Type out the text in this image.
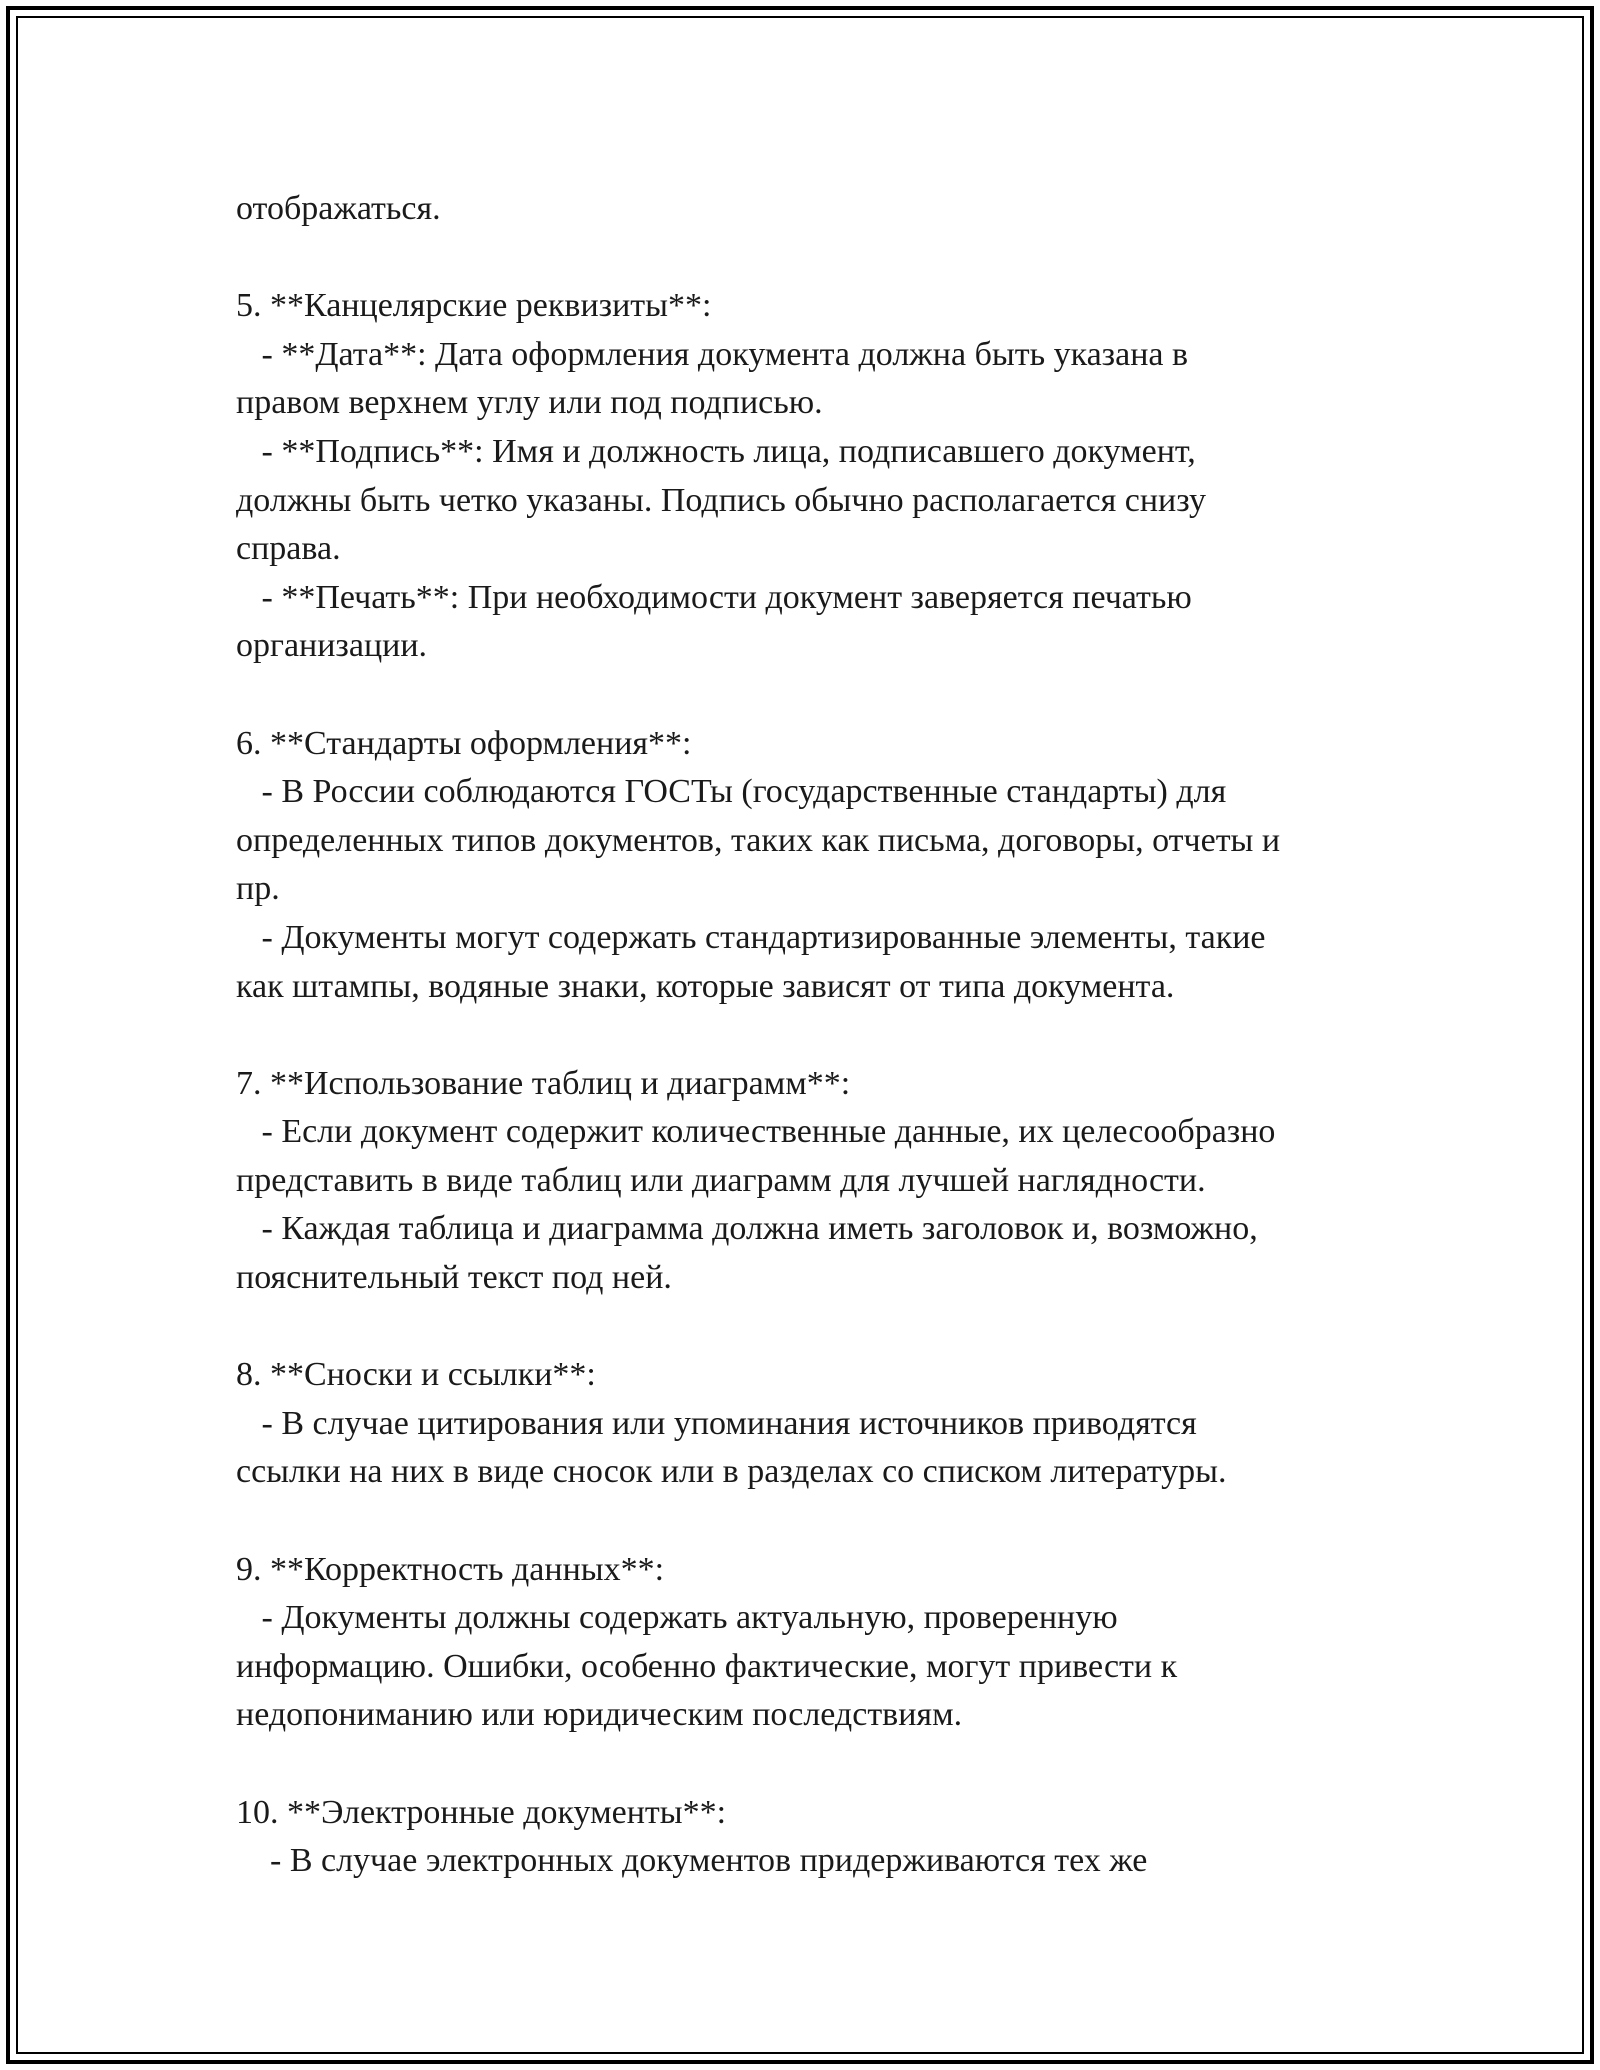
отображаться.
5. **Канцелярские реквизиты**:
- **Дата**: Дата оформления документа должна быть указана в
правом верхнем углу или под подписью.
- **Подпись**: Имя и должность лица, подписавшего документ,
должны быть четко указаны. Подпись обычно располагается снизу
справа.
- **Печать**: При необходимости документ заверяется печатью
организации.
6. **Стандарты оформления**:
- В России соблюдаются ГОСТы (государственные стандарты) для
определенных типов документов, таких как письма, договоры, отчеты и
пр.
- Документы могут содержать стандартизированные элементы, такие
как штампы, водяные знаки, которые зависят от типа документа.
7. **Использование таблиц и диаграмм**:
- Если документ содержит количественные данные, их целесообразно
представить в виде таблиц или диаграмм для лучшей наглядности.
- Каждая таблица и диаграмма должна иметь заголовок и, возможно,
пояснительный текст под ней.
8. **Сноски и ссылки**:
- В случае цитирования или упоминания источников приводятся
ссылки на них в виде сносок или в разделах со списком литературы.
9. **Корректность данных**:
- Документы должны содержать актуальную, проверенную
информацию. Ошибки, особенно фактические, могут привести к
недопониманию или юридическим последствиям.
10. **Электронные документы**:
- В случае электронных документов придерживаются тех же
